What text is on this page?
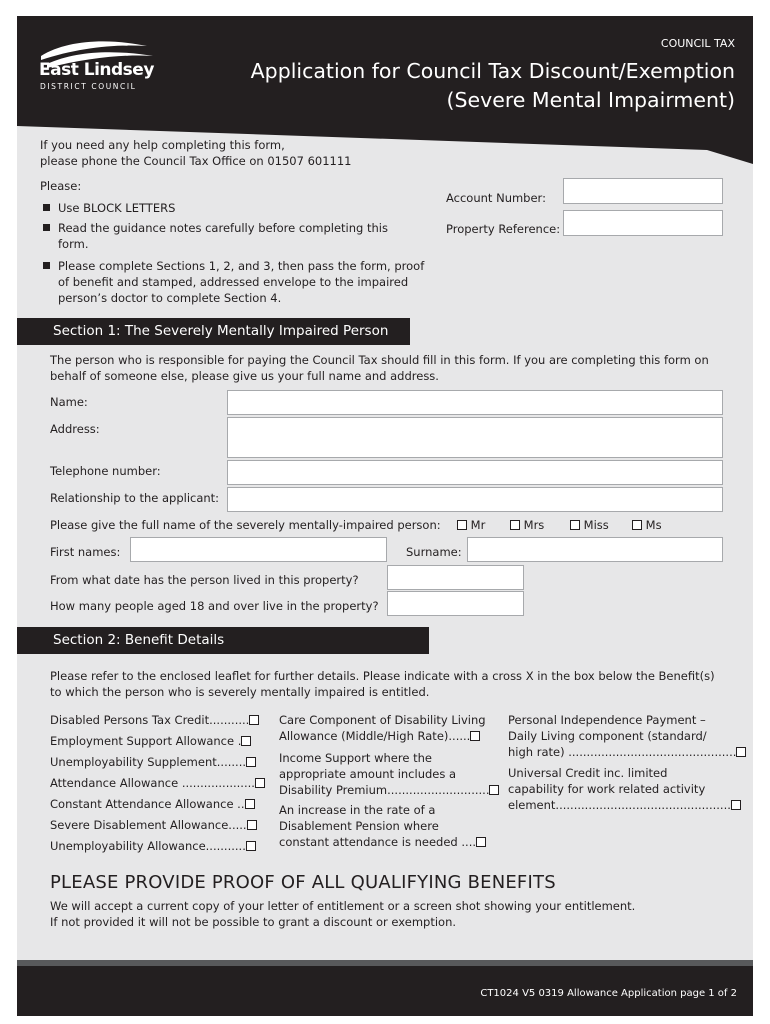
East Lindsey
DISTRICT COUNCIL
COUNCIL TAX
Application for Council Tax Discount/Exemption
(Severe Mental Impairment)
If you need any help completing this form,
please phone the Council Tax Office on 01507 601111
Please:
Use BLOCK LETTERS
Read the guidance notes carefully before completing this
form.
Please complete Sections 1, 2, and 3, then pass the form, proof
of benefit and stamped, addressed envelope to the impaired
person’s doctor to complete Section 4.
Account Number:
Property Reference:
Section 1: The Severely Mentally Impaired Person
The person who is responsible for paying the Council Tax should fill in this form. If you are completing this form on
behalf of someone else, please give us your full name and address.
Name:
Address:
Telephone number:
Relationship to the applicant:
Please give the full name of the severely mentally-impaired person:	Mr	Mrs	Miss	Ms
First names:	Surname:
From what date has the person lived in this property?
How many people aged 18 and over live in the property?
Section 2: Benefit Details
Please refer to the enclosed leaflet for further details. Please indicate with a cross X in the box below the Benefit(s)
to which the person who is severely mentally impaired is entitled.
Disabled Persons Tax Credit...........
Employment Support Allowance .
Unemployability Supplement........
Attendance Allowance ....................
Constant Attendance Allowance ..
Severe Disablement Allowance.....
Unemployability Allowance...........
Care Component of Disability Living
Allowance (Middle/High Rate)......
Income Support where the
appropriate amount includes a
Disability Premium............................
An increase in the rate of a
Disablement Pension where
constant attendance is needed ....
Personal Independence Payment –
Daily Living component (standard/
high rate) ..............................................
Universal Credit inc. limited
capability for work related activity
element................................................
PLEASE PROVIDE PROOF OF ALL QUALIFYING BENEFITS
We will accept a current copy of your letter of entitlement or a screen shot showing your entitlement.
If not provided it will not be possible to grant a discount or exemption.
CT1024 V5 0319 Allowance Application page 1 of 2
